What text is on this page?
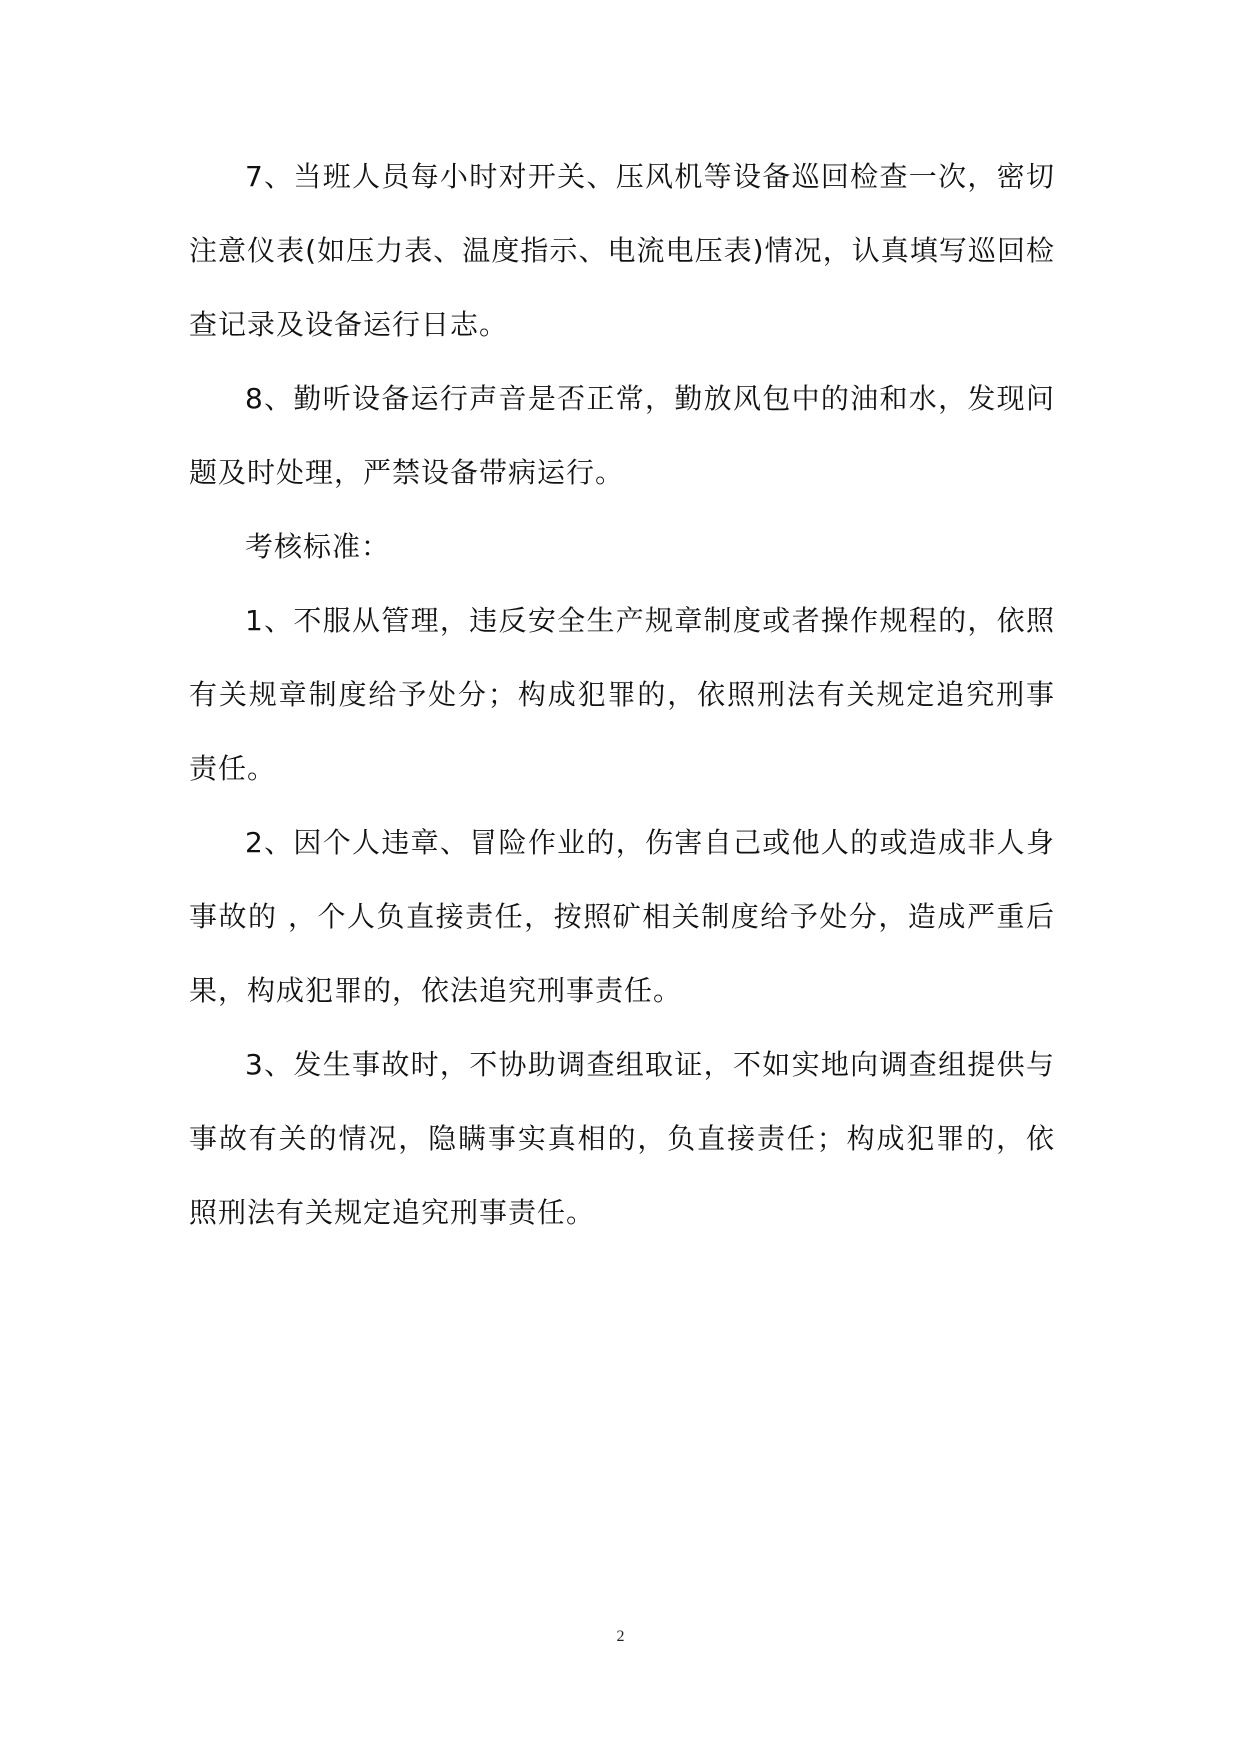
7、当班人员每小时对开关、压风机等设备巡回检查一次，密切注意仪表(如压力表、温度指示、电流电压表)情况，认真填写巡回检查记录及设备运行日志。

8、勤听设备运行声音是否正常，勤放风包中的油和水，发现问题及时处理，严禁设备带病运行。

考核标准：

1、不服从管理，违反安全生产规章制度或者操作规程的，依照有关规章制度给予处分；构成犯罪的，依照刑法有关规定追究刑事责任。

2、因个人违章、冒险作业的，伤害自己或他人的或造成非人身事故的 ，个人负直接责任，按照矿相关制度给予处分，造成严重后果，构成犯罪的，依法追究刑事责任。

3、发生事故时，不协助调查组取证，不如实地向调查组提供与事故有关的情况，隐瞒事实真相的，负直接责任；构成犯罪的，依照刑法有关规定追究刑事责任。

2
